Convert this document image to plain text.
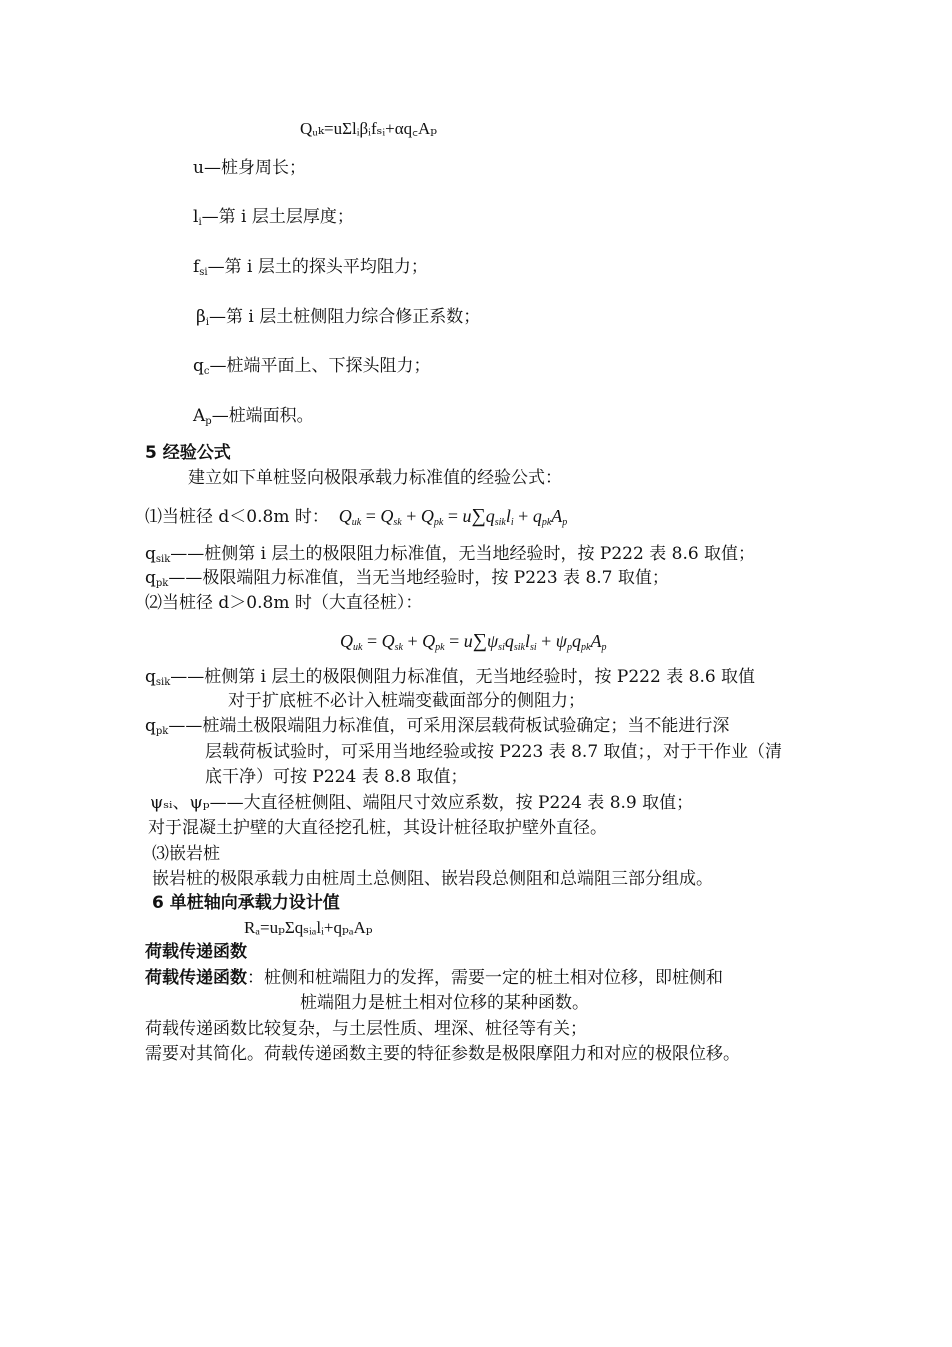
Qᵤₖ=uΣlᵢβᵢfₛᵢ+αq꜀Aₚ
u—桩身周长；
$l_i—$第 i 层土层厚度；
$f_{si}—$第 i 层土的探头平均阻力；
$\beta_i—$第 i 层土桩侧阻力综合修正系数；
$q_c—$桩端平面上、下探头阻力；
$A_p—$桩端面积。
5 经验公式
建立如下单桩竖向极限承载力标准值的经验公式：
⑴当桩径 d＜0.8m 时：  $Q_{uk} = Q_{sk} + Q_{pk} = u\sum q_{sik}l_i + q_{pk}A_p$
$q_{sik}——$桩侧第 i 层土的极限阻力标准值，无当地经验时，按 P222 表 8.6 取值；
$q_{pk}——$极限端阻力标准值，当无当地经验时，按 P223 表 8.7 取值；
⑵当桩径 d＞0.8m 时（大直径桩）：
$Q_{uk} = Q_{sk} + Q_{pk} = u\sum\psi_{si}q_{sik}l_{si} + \psi_pq_{pk}A_p$
$q_{sik}——$桩侧第 i 层土的极限侧阻力标准值，无当地经验时，按 P222 表 8.6 取值
对于扩底桩不必计入桩端变截面部分的侧阻力；
$q_{pk}——$桩端土极限端阻力标准值，可采用深层载荷板试验确定；当不能进行深
层载荷板试验时，可采用当地经验或按 P223 表 8.7 取值；，对于干作业（清
底干净）可按 P224 表 8.8 取值；
ψₛᵢ、ψₚ——大直径桩侧阻、端阻尺寸效应系数，按 P224 表 8.9 取值；
对于混凝土护壁的大直径挖孔桩，其设计桩径取护壁外直径。
⑶嵌岩桩
嵌岩桩的极限承载力由桩周土总侧阻、嵌岩段总侧阻和总端阻三部分组成。
6 单桩轴向承载力设计值
Rₐ=uₚΣqₛᵢₐlᵢ+qₚₐAₚ
荷载传递函数
荷载传递函数：桩侧和桩端阻力的发挥，需要一定的桩土相对位移，即桩侧和
桩端阻力是桩土相对位移的某种函数。
荷载传递函数比较复杂，与土层性质、埋深、桩径等有关；
需要对其简化。荷载传递函数主要的特征参数是极限摩阻力和对应的极限位移。
